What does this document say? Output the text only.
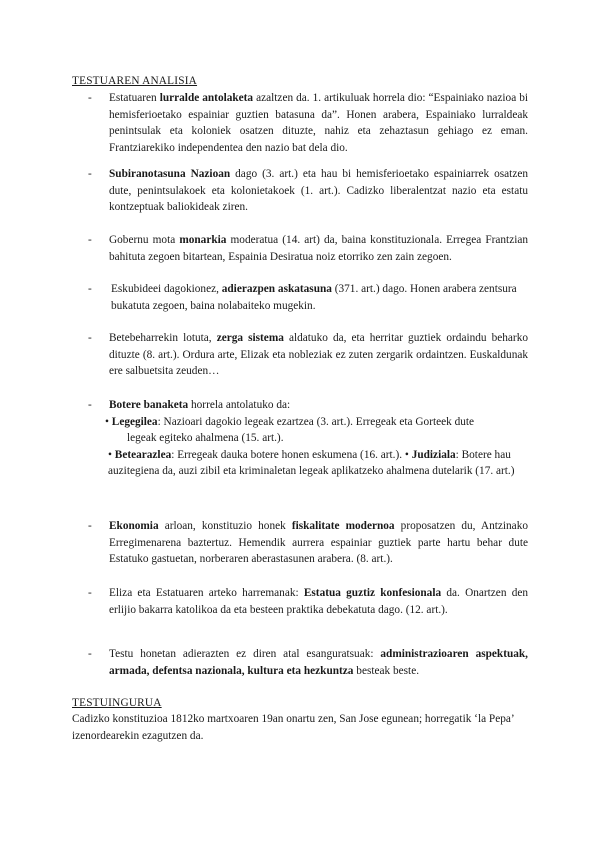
TESTUAREN ANALISIA
-	Estatuaren lurralde antolaketa azaltzen da. 1. artikuluak horrela dio: “Espainiako nazioa bi hemisferioetako espainiar guztien batasuna da”. Honen arabera, Espainiako lurraldeak penintsulak eta koloniek osatzen dituzte, nahiz eta zehaztasun gehiago ez eman. Frantziarekiko independentea den nazio bat dela dio.
-	Subiranotasuna Nazioan dago (3. art.) eta hau bi hemisferioetako espainiarrek osatzen dute, penintsulakoek eta kolonietakoek (1. art.). Cadizko liberalentzat nazio eta estatu kontzeptuak baliokideak ziren.
-	Gobernu mota monarkia moderatua (14. art) da, baina konstituzionala. Erregea Frantzian bahituta zegoen bitartean, Espainia Desiratua noiz etorriko zen zain zegoen.
-	Eskubideei dagokionez, adierazpen askatasuna (371. art.) dago. Honen arabera zentsura bukatuta zegoen, baina nolabaiteko mugekin.
-	Betebeharrekin lotuta, zerga sistema aldatuko da, eta herritar guztiek ordaindu beharko dituzte (8. art.). Ordura arte, Elizak eta nobleziak ez zuten zergarik ordaintzen. Euskaldunak ere salbuetsita zeuden…
-	Botere banaketa horrela antolatuko da:
• Legegilea: Nazioari dagokio legeak ezartzea (3. art.). Erregeak eta Gorteek dute
legeak egiteko ahalmena (15. art.).
• Betearazlea: Erregeak dauka botere honen eskumena (16. art.). • Judiziala: Botere hau auzitegiena da, auzi zibil eta kriminaletan legeak aplikatzeko ahalmena dutelarik (17. art.)
-	Ekonomia arloan, konstituzio honek fiskalitate modernoa proposatzen du, Antzinako Erregimenarena baztertuz. Hemendik aurrera espainiar guztiek parte hartu behar dute Estatuko gastuetan, norberaren aberastasunen arabera. (8. art.).
-	Eliza eta Estatuaren arteko harremanak: Estatua guztiz konfesionala da. Onartzen den erlijio bakarra katolikoa da eta besteen praktika debekatuta dago. (12. art.).
-	Testu honetan adierazten ez diren atal esanguratsuak: administrazioaren aspektuak, armada, defentsa nazionala, kultura eta hezkuntza besteak beste.
TESTUINGURUA
Cadizko konstituzioa 1812ko martxoaren 19an onartu zen, San Jose egunean; horregatik ‘la Pepa’ izenordearekin ezagutzen da.
